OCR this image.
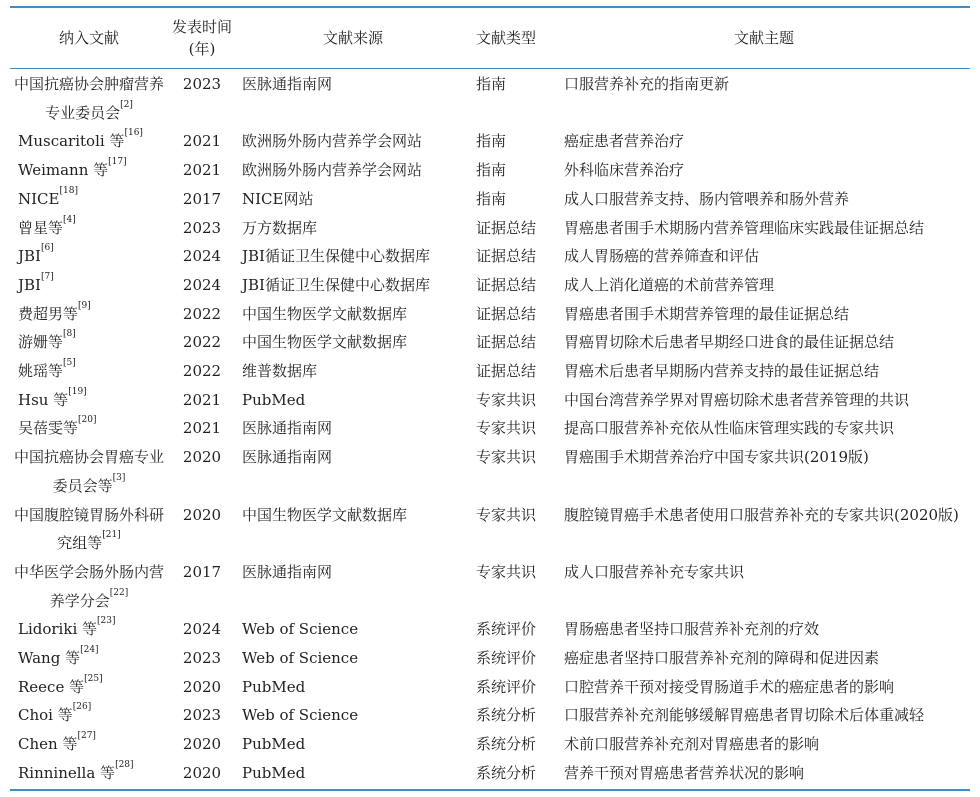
纳入文献	发表时间(年)	文献来源	文献类型	文献主题
中国抗癌协会肿瘤营养专业委员会[2]	2023	医脉通指南网	指南	口服营养补充的指南更新
Muscaritoli 等[16]	2021	欧洲肠外肠内营养学会网站	指南	癌症患者营养治疗
Weimann 等[17]	2021	欧洲肠外肠内营养学会网站	指南	外科临床营养治疗
NICE[18]	2017	NICE网站	指南	成人口服营养支持、肠内管喂养和肠外营养
曾星等[4]	2023	万方数据库	证据总结	胃癌患者围手术期肠内营养管理临床实践最佳证据总结
JBI[6]	2024	JBI循证卫生保健中心数据库	证据总结	成人胃肠癌的营养筛查和评估
JBI[7]	2024	JBI循证卫生保健中心数据库	证据总结	成人上消化道癌的术前营养管理
费超男等[9]	2022	中国生物医学文献数据库	证据总结	胃癌患者围手术期营养管理的最佳证据总结
游姗等[8]	2022	中国生物医学文献数据库	证据总结	胃癌胃切除术后患者早期经口进食的最佳证据总结
姚瑶等[5]	2022	维普数据库	证据总结	胃癌术后患者早期肠内营养支持的最佳证据总结
Hsu 等[19]	2021	PubMed	专家共识	中国台湾营养学界对胃癌切除术患者营养管理的共识
吴蓓雯等[20]	2021	医脉通指南网	专家共识	提高口服营养补充依从性临床管理实践的专家共识
中国抗癌协会胃癌专业委员会等[3]	2020	医脉通指南网	专家共识	胃癌围手术期营养治疗中国专家共识(2019版)
中国腹腔镜胃肠外科研究组等[21]	2020	中国生物医学文献数据库	专家共识	腹腔镜胃癌手术患者使用口服营养补充的专家共识(2020版)
中华医学会肠外肠内营养学分会[22]	2017	医脉通指南网	专家共识	成人口服营养补充专家共识
Lidoriki 等[23]	2024	Web of Science	系统评价	胃肠癌患者坚持口服营养补充剂的疗效
Wang 等[24]	2023	Web of Science	系统评价	癌症患者坚持口服营养补充剂的障碍和促进因素
Reece 等[25]	2020	PubMed	系统评价	口腔营养干预对接受胃肠道手术的癌症患者的影响
Choi 等[26]	2023	Web of Science	系统分析	口服营养补充剂能够缓解胃癌患者胃切除术后体重减轻
Chen 等[27]	2020	PubMed	系统分析	术前口服营养补充剂对胃癌患者的影响
Rinninella 等[28]	2020	PubMed	系统分析	营养干预对胃癌患者营养状况的影响
